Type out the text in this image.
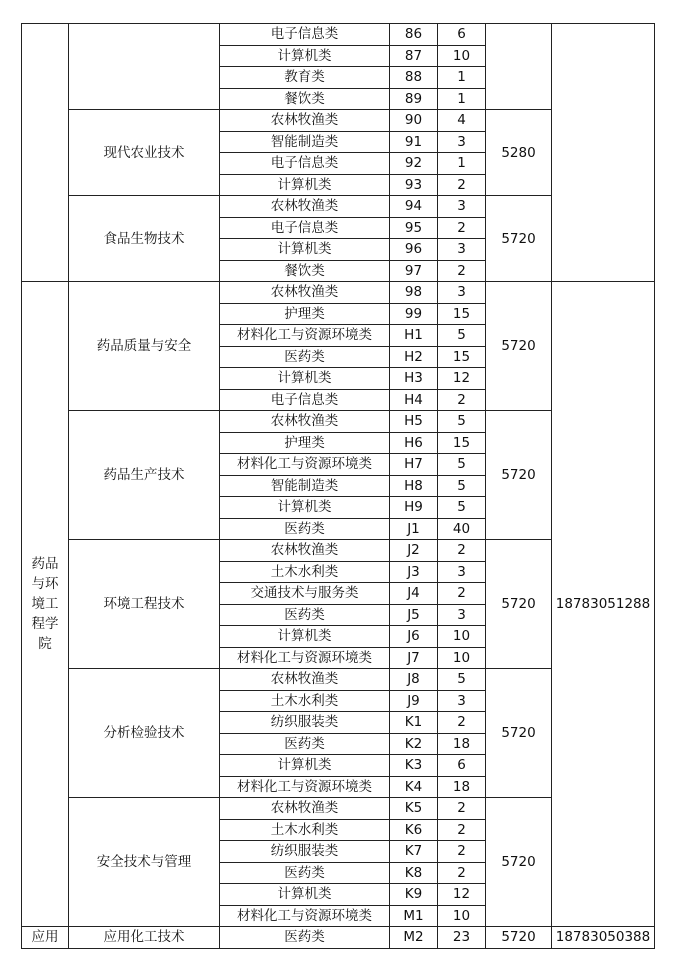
		电子信息类	86	6		
		计算机类	87	10		
		教育类	88	1		
		餐饮类	89	1		
	现代农业技术	农林牧渔类	90	4	5280	
		智能制造类	91	3		
		电子信息类	92	1		
		计算机类	93	2		
	食品生物技术	农林牧渔类	94	3	5720	
		电子信息类	95	2		
		计算机类	96	3		
		餐饮类	97	2		
药品与环境工程学院	药品质量与安全	农林牧渔类	98	3	5720	18783051288
		护理类	99	15		
		材料化工与资源环境类	H1	5		
		医药类	H2	15		
		计算机类	H3	12		
		电子信息类	H4	2		
	药品生产技术	农林牧渔类	H5	5	5720	
		护理类	H6	15		
		材料化工与资源环境类	H7	5		
		智能制造类	H8	5		
		计算机类	H9	5		
		医药类	J1	40		
	环境工程技术	农林牧渔类	J2	2	5720	
		土木水利类	J3	3		
		交通技术与服务类	J4	2		
		医药类	J5	3		
		计算机类	J6	10		
		材料化工与资源环境类	J7	10		
	分析检验技术	农林牧渔类	J8	5	5720	
		土木水利类	J9	3		
		纺织服装类	K1	2		
		医药类	K2	18		
		计算机类	K3	6		
		材料化工与资源环境类	K4	18		
	安全技术与管理	农林牧渔类	K5	2	5720	
		土木水利类	K6	2		
		纺织服装类	K7	2		
		医药类	K8	2		
		计算机类	K9	12		
		材料化工与资源环境类	M1	10		
应用	应用化工技术	医药类	M2	23	5720	18783050388
